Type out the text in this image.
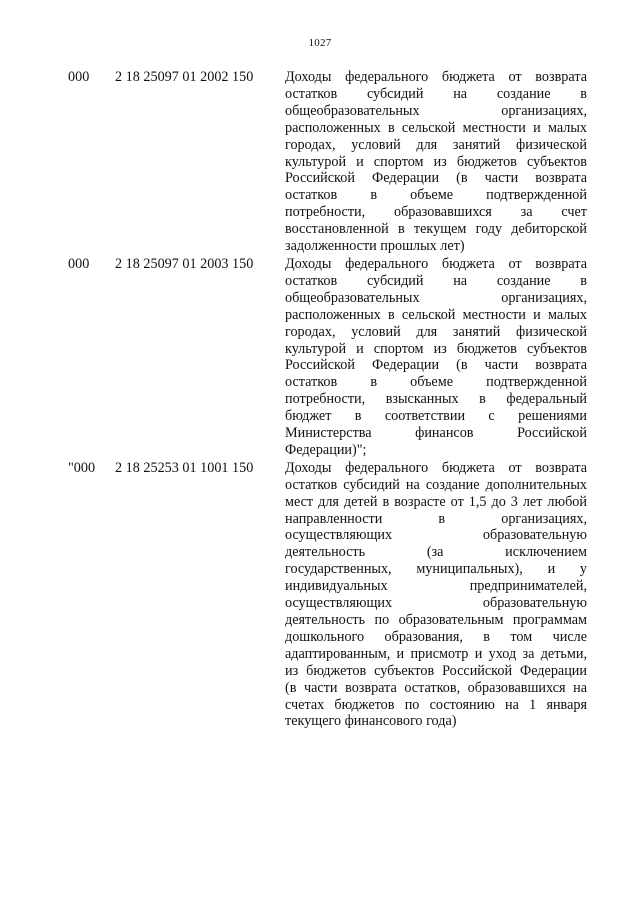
1027
000	2 18 25097 01 2002 150	Доходы федерального бюджета от возврата
остатков субсидий на создание в
общеобразовательных организациях,
расположенных в сельской местности и малых
городах, условий для занятий физической
культурой и спортом из бюджетов субъектов
Российской Федерации (в части возврата
остатков в объеме подтвержденной
потребности, образовавшихся за счет
восстановленной в текущем году дебиторской
задолженности прошлых лет)
000	2 18 25097 01 2003 150	Доходы федерального бюджета от возврата
остатков субсидий на создание в
общеобразовательных организациях,
расположенных в сельской местности и малых
городах, условий для занятий физической
культурой и спортом из бюджетов субъектов
Российской Федерации (в части возврата
остатков в объеме подтвержденной
потребности, взысканных в федеральный
бюджет в соответствии с решениями
Министерства финансов Российской
Федерации)";
"000	2 18 25253 01 1001 150	Доходы федерального бюджета от возврата
остатков субсидий на создание дополнительных
мест для детей в возрасте от 1,5 до 3 лет любой
направленности в организациях,
осуществляющих образовательную
деятельность (за исключением
государственных, муниципальных), и у
индивидуальных предпринимателей,
осуществляющих образовательную
деятельность по образовательным программам
дошкольного образования, в том числе
адаптированным, и присмотр и уход за детьми,
из бюджетов субъектов Российской Федерации
(в части возврата остатков, образовавшихся на
счетах бюджетов по состоянию на 1 января
текущего финансового года)
